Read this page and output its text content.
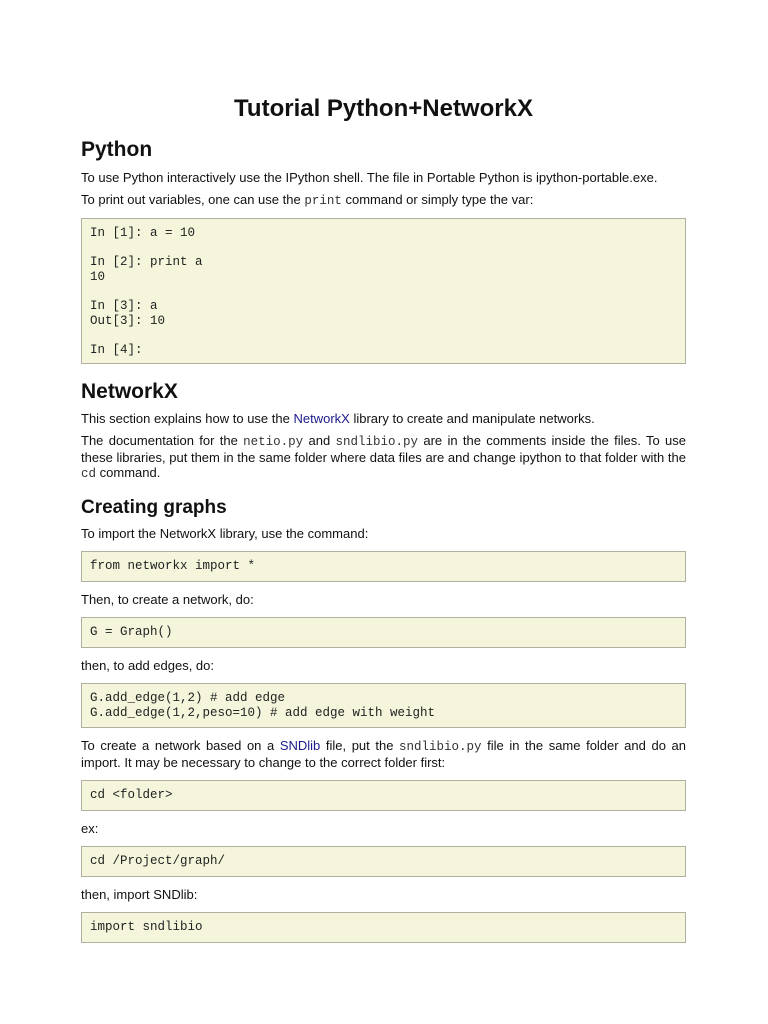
Tutorial Python+NetworkX
Python

To use Python interactively use the IPython shell. The file in Portable Python is ipython-portable.exe.

To print out variables, one can use the print command or simply type the var:

In [1]: a = 10

In [2]: print a
10

In [3]: a
Out[3]: 10

In [4]:
NetworkX

This section explains how to use the NetworkX library to create and manipulate networks.

The documentation for the netio.py and sndlibio.py are in the comments inside the files. To use these libraries, put them in the same folder where data files are and change ipython to that folder with the cd command.

Creating graphs

To import the NetworkX library, use the command:

from networkx import *

Then, to create a network, do:

G = Graph()

then, to add edges, do:

G.add_edge(1,2) # add edge
G.add_edge(1,2,peso=10) # add edge with weight

To create a network based on a SNDlib file, put the sndlibio.py file in the same folder and do an import. It may be necessary to change to the correct folder first:

cd <folder>

ex:

cd /Project/graph/

then, import SNDlib:

import sndlibio
